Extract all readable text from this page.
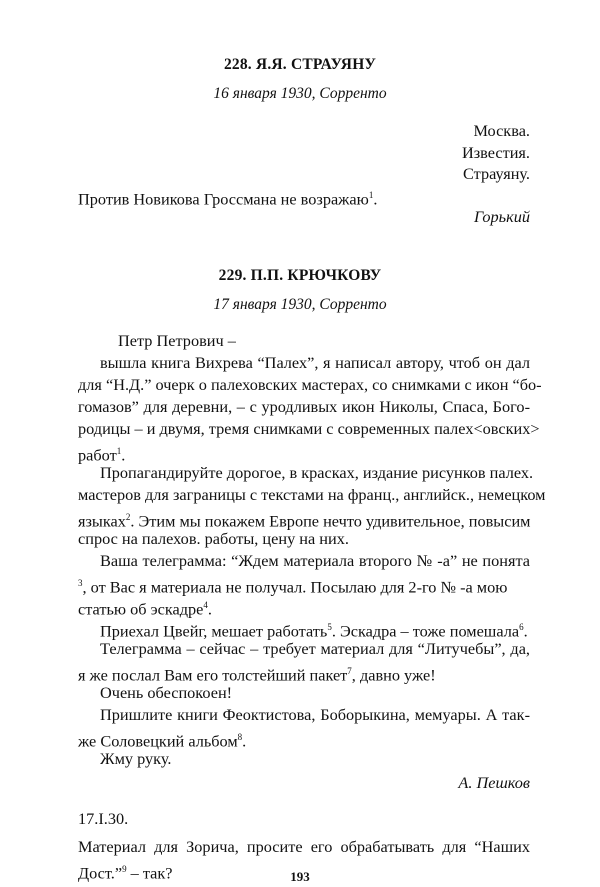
228. Я.Я. СТРАУЯНУ
16 января 1930, Сорренто
Москва.
Известия.
Страуяну.
Против Новикова Гроссмана не возражаю$^1$.
Горький
229. П.П. КРЮЧКОВУ
17 января 1930, Сорренто
Петр Петрович –
вышла книга Вихрева “Палех”, я написал автору, чтоб он дал
для “Н.Д.” очерк о палеховских мастерах, со снимками с икон “бо-
гомазов” для деревни, – с уродливых икон Николы, Спаса, Бого-
родицы – и двумя, тремя снимками с современных палех<овских>
работ$^1$.
Пропагандируйте дорогое, в красках, издание рисунков палех.
мастеров для заграницы с текстами на франц., английск., немецком
языках$^2$. Этим мы покажем Европе нечто удивительное, повысим
спрос на палехов. работы, цену на них.
Ваша телеграмма: “Ждем материала второго № -а” не понята
$^3$, от Вас я материала не получал. Посылаю для 2-го № -а мою
статью об эскадре$^4$.
Приехал Цвейг, мешает работать$^5$. Эскадра – тоже помешала$^6$.
Телеграмма – сейчас – требует материал для “Литучебы”, да,
я же послал Вам его толстейший пакет$^7$, давно уже!
Очень обеспокоен!
Пришлите книги Феоктистова, Боборыкина, мемуары. А так-
же Соловецкий альбом$^8$.
Жму руку.
А. Пешков
17.I.30.
Материал для Зорича, просите его обрабатывать для “Наших
Дост.”$^9$ – так?	193
